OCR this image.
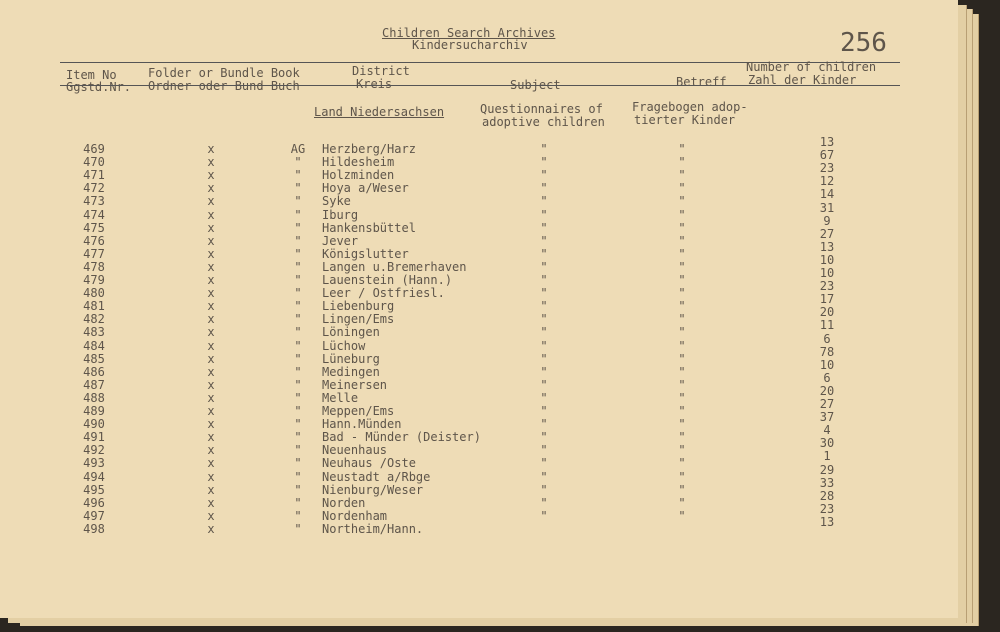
Children Search Archives
Kindersucharchiv	256
Item No
Ggstd.Nr.
Folder or Bundle Book
Ordner oder Bund Buch
District
Kreis	Subject	Betreff
Number of children
Zahl der Kinder
Land Niedersachsen	Questionnaires of
adoptive children
Fragebogen adop-
tierter Kinder
469	x	AG	Herzberg/Harz	"	"	13
470	x	"	Hildesheim	"	"	67
471	x	"	Holzminden	"	"	23
472	x	"	Hoya a/Weser	"	"	12
473	x	"	Syke	"	"	14
474	x	"	Iburg	"	"	31
475	x	"	Hankensbüttel	"	"	9
476	x	"	Jever	"	"	27
477	x	"	Königslutter	"	"	13
478	x	"	Langen u.Bremerhaven	"	"	10
479	x	"	Lauenstein (Hann.)	"	"	10
480	x	"	Leer / Ostfriesl.	"	"	23
481	x	"	Liebenburg	"	"	17
482	x	"	Lingen/Ems	"	"	20
483	x	"	Löningen	"	"	11
484	x	"	Lüchow	"	"	6
485	x	"	Lüneburg	"	"	78
486	x	"	Medingen	"	"	10
487	x	"	Meinersen	"	"	6
488	x	"	Melle	"	"	20
489	x	"	Meppen/Ems	"	"	27
490	x	"	Hann.Münden	"	"	37
491	x	"	Bad - Münder (Deister)	"	"	4
492	x	"	Neuenhaus	"	"	30
493	x	"	Neuhaus /Oste	"	"	1
494	x	"	Neustadt a/Rbge	"	"	29
495	x	"	Nienburg/Weser	"	"	33
496	x	"	Norden	"	"	28
497	x	"	Nordenham	"	"	23
498	x	"	Northeim/Hann.	13
